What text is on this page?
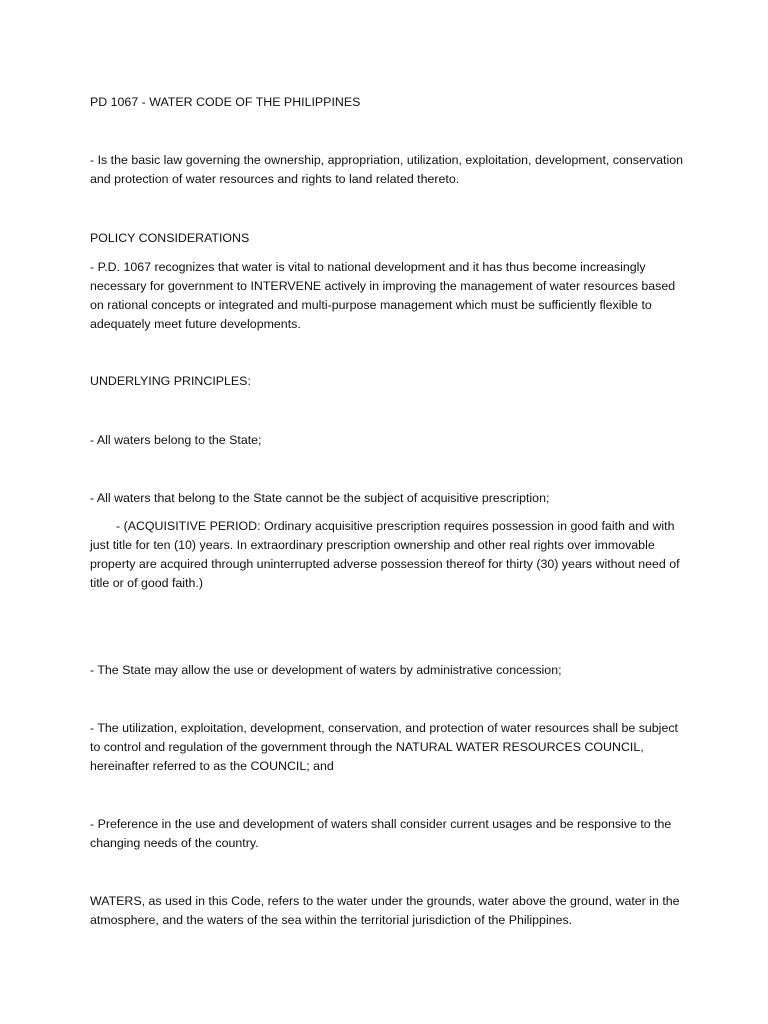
PD 1067 - WATER CODE OF THE PHILIPPINES

- Is the basic law governing the ownership, appropriation, utilization, exploitation, development, conservation and protection of water resources and rights to land related thereto.

POLICY CONSIDERATIONS

- P.D. 1067 recognizes that water is vital to national development and it has thus become increasingly necessary for government to INTERVENE actively in improving the management of water resources based on rational concepts or integrated and multi-purpose management which must be sufficiently flexible to adequately meet future developments.

UNDERLYING PRINCIPLES:

- All waters belong to the State;

- All waters that belong to the State cannot be the subject of acquisitive prescription;

- (ACQUISITIVE PERIOD: Ordinary acquisitive prescription requires possession in good faith and with just title for ten (10) years. In extraordinary prescription ownership and other real rights over immovable property are acquired through uninterrupted adverse possession thereof for thirty (30) years without need of title or of good faith.)

- The State may allow the use or development of waters by administrative concession;

- The utilization, exploitation, development, conservation, and protection of water resources shall be subject to control and regulation of the government through the NATURAL WATER RESOURCES COUNCIL, hereinafter referred to as the COUNCIL; and

- Preference in the use and development of waters shall consider current usages and be responsive to the changing needs of the country.

WATERS, as used in this Code, refers to the water under the grounds, water above the ground, water in the atmosphere, and the waters of the sea within the territorial jurisdiction of the Philippines.
